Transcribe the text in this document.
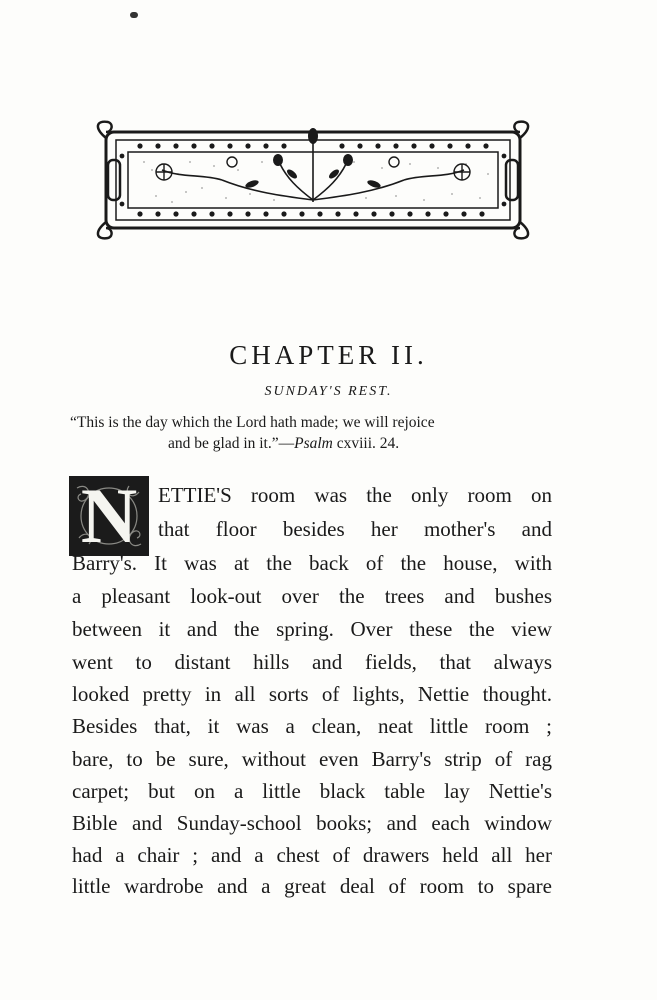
CHAPTER II.
SUNDAY'S REST.
“This is the day which the Lord hath made; we will rejoice
and be glad in it.”—Psalm cxviii. 24.
N ETTIE'S room was the only room on
that floor besides her mother's and
Barry's. It was at the back of the house, with
a pleasant look-out over the trees and bushes
between it and the spring. Over these the view
went to distant hills and fields, that always
looked pretty in all sorts of lights, Nettie thought.
Besides that, it was a clean, neat little room ;
bare, to be sure, without even Barry's strip of rag
carpet; but on a little black table lay Nettie's
Bible and Sunday-school books; and each window
had a chair ; and a chest of drawers held all her
little wardrobe and a great deal of room to spare
